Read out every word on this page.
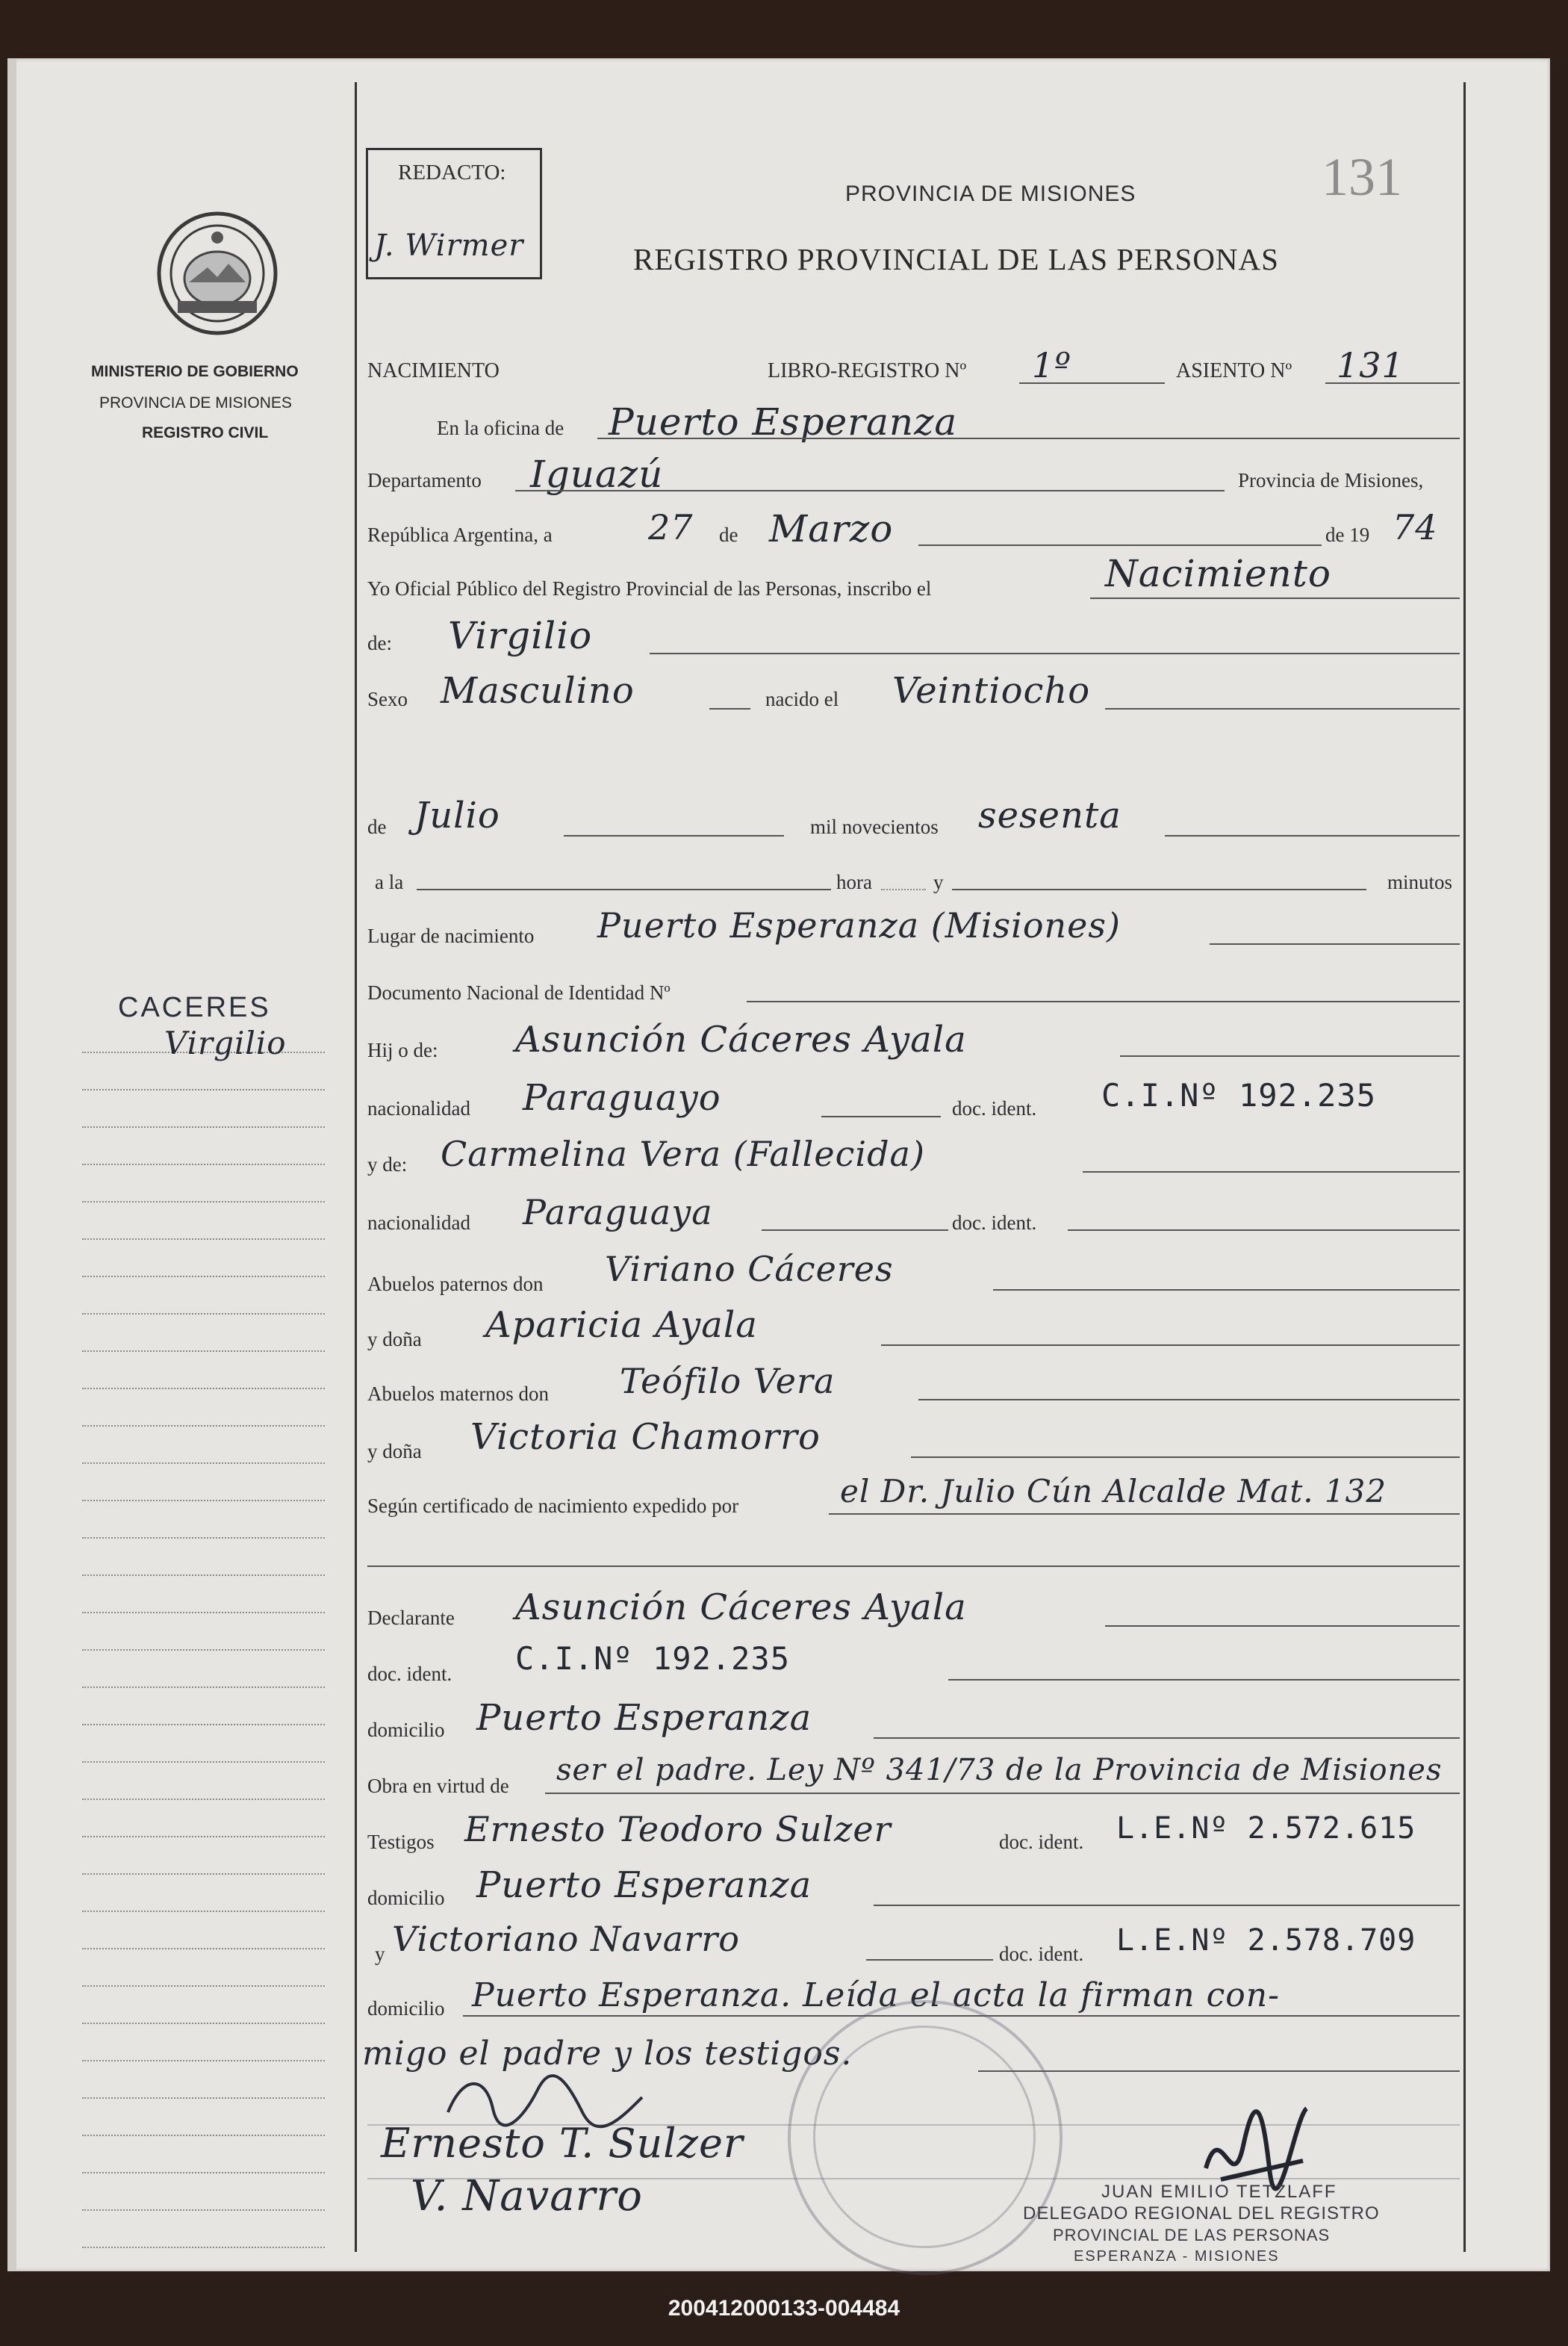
REDACTO:
J. Wirmer
131
PROVINCIA DE MISIONES
REGISTRO PROVINCIAL DE LAS PERSONAS
MINISTERIO DE GOBIERNO
PROVINCIA DE MISIONES
REGISTRO CIVIL
CACERES
Virgilio
NACIMIENTO	LIBRO-REGISTRO Nº 1º	ASIENTO Nº 131
En la oficina de Puerto Esperanza
Departamento Iguazú	Provincia de Misiones,
República Argentina, a	27 de Marzo	de 19 74
Yo Oficial Público del Registro Provincial de las Personas, inscribo el	Nacimiento
de: Virgilio
Sexo Masculino	nacido el Veintiocho
de Julio	mil novecientos sesenta
a la	hora	y	minutos
Lugar de nacimiento Puerto Esperanza (Misiones)
Documento Nacional de Identidad Nº
Hij o de: Asunción Cáceres Ayala
nacionalidad Paraguayo	doc. ident. C.I.Nº 192.235
y de: Carmelina Vera (Fallecida)
nacionalidad Paraguaya	doc. ident.
Abuelos paternos don Viriano Cáceres
y doña Aparicia Ayala
Abuelos maternos don Teófilo Vera
y doña Victoria Chamorro
Según certificado de nacimiento expedido por	el Dr. Julio Cún Alcalde Mat. 132
Declarante Asunción Cáceres Ayala
doc. ident. C.I.Nº 192.235
domicilio Puerto Esperanza
Obra en virtud de ser el padre. Ley Nº 341/73 de la Provincia de Misiones
Testigos Ernesto Teodoro Sulzer	doc. ident. L.E.Nº 2.572.615
domicilio Puerto Esperanza
y Victoriano Navarro	doc. ident. L.E.Nº 2.578.709
domicilio Puerto Esperanza. Leída el acta la firman con-
migo el padre y los testigos.
Ernesto T. Sulzer
V. Navarro	JUAN EMILIO TETZLAFF
DELEGADO REGIONAL DEL REGISTRO
PROVINCIAL DE LAS PERSONAS
ESPERANZA - MISIONES
200412000133-004484
